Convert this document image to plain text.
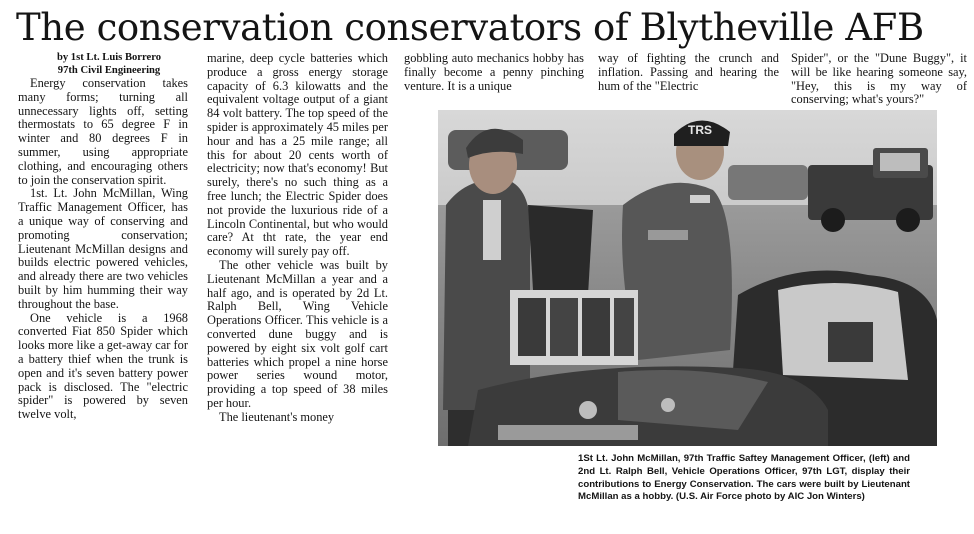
The conservation conservators of Blytheville AFB

by 1st Lt. Luis Borrero

97th Civil Engineering

Energy conservation takes many forms; turning all unnecessary lights off, setting thermostats to 65 degree F in winter and 80 degrees F in summer, using appropriate clothing, and encouraging others to join the conservation spirit.

1st. Lt. John McMillan, Wing Traffic Management Officer, has a unique way of conserving and promoting conservation; Lieutenant McMillan designs and builds electric powered vehicles, and already there are two vehicles built by him humming their way throughout the base.

One vehicle is a 1968 converted Fiat 850 Spider which looks more like a get-away car for a battery thief when the trunk is open and it's seven battery power pack is disclosed. The "electric spider" is powered by seven twelve volt,

marine, deep cycle batteries which produce a gross energy storage capacity of 6.3 kilowatts and the equivalent voltage output of a giant 84 volt battery. The top speed of the spider is approximately 45 miles per hour and has a 25 mile range; all this for about 20 cents worth of electricity; now that's economy! But surely, there's no such thing as a free lunch; the Electric Spider does not provide the luxurious ride of a Lincoln Continental, but who would care? At tht rate, the year end economy will surely pay off.

The other vehicle was built by Lieutenant McMillan a year and a half ago, and is operated by 2d Lt. Ralph Bell, Wing Vehicle Operations Officer. This vehicle is a converted dune buggy and is powered by eight six volt golf cart batteries which propel a nine horse power series wound motor, providing a top speed of 38 miles per hour.

The lieutenant's money

gobbling auto mechanics hobby has finally become a penny pinching venture. It is a unique

way of fighting the crunch and inflation. Passing and hearing the hum of the "Electric

Spider", or the "Dune Buggy", it will be like hearing someone say, "Hey, this is my way of conserving; what's yours?"

TRS
1St Lt. John McMillan, 97th Traffic Saftey Management Officer, (left) and 2nd Lt. Ralph Bell, Vehicle Operations Officer, 97th LGT, display their contributions to Energy Conservation. The cars were built by Lieutenant McMillan as a hobby. (U.S. Air Force photo by AIC Jon Winters)
